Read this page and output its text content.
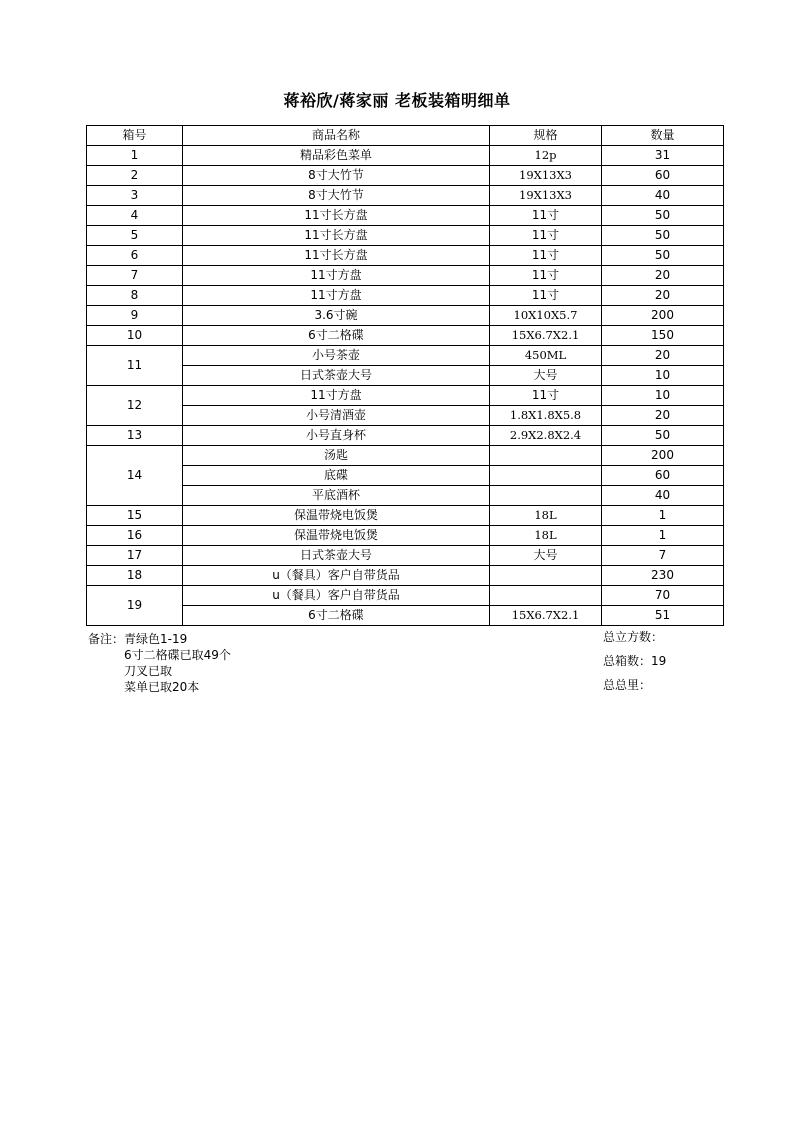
蒋裕欣/蒋家丽 老板装箱明细单
箱号	商品名称	规格	数量
1	精品彩色菜单	12p	31
2	8寸大竹节	19X13X3	60
3	8寸大竹节	19X13X3	40
4	11寸长方盘	11寸	50
5	11寸长方盘	11寸	50
6	11寸长方盘	11寸	50
7	11寸方盘	11寸	20
8	11寸方盘	11寸	20
9	3.6寸碗	10X10X5.7	200
10	6寸二格碟	15X6.7X2.1	150
11	小号茶壶	450ML	20
	日式茶壶大号	大号	10
12	11寸方盘	11寸	10
	小号清酒壶	1.8X1.8X5.8	20
13	小号直身杯	2.9X2.8X2.4	50
14	汤匙		200
	底碟		60
	平底酒杯		40
15	保温带烧电饭煲	18L	1
16	保温带烧电饭煲	18L	1
17	日式茶壶大号	大号	7
18	u（餐具）客户自带货品		230
19	u（餐具）客户自带货品		70
	6寸二格碟	15X6.7X2.1	51
备注：青绿色1-19
6寸二格碟已取49个
刀叉已取
菜单已取20本
总立方数：
总箱数：19
总总里：
